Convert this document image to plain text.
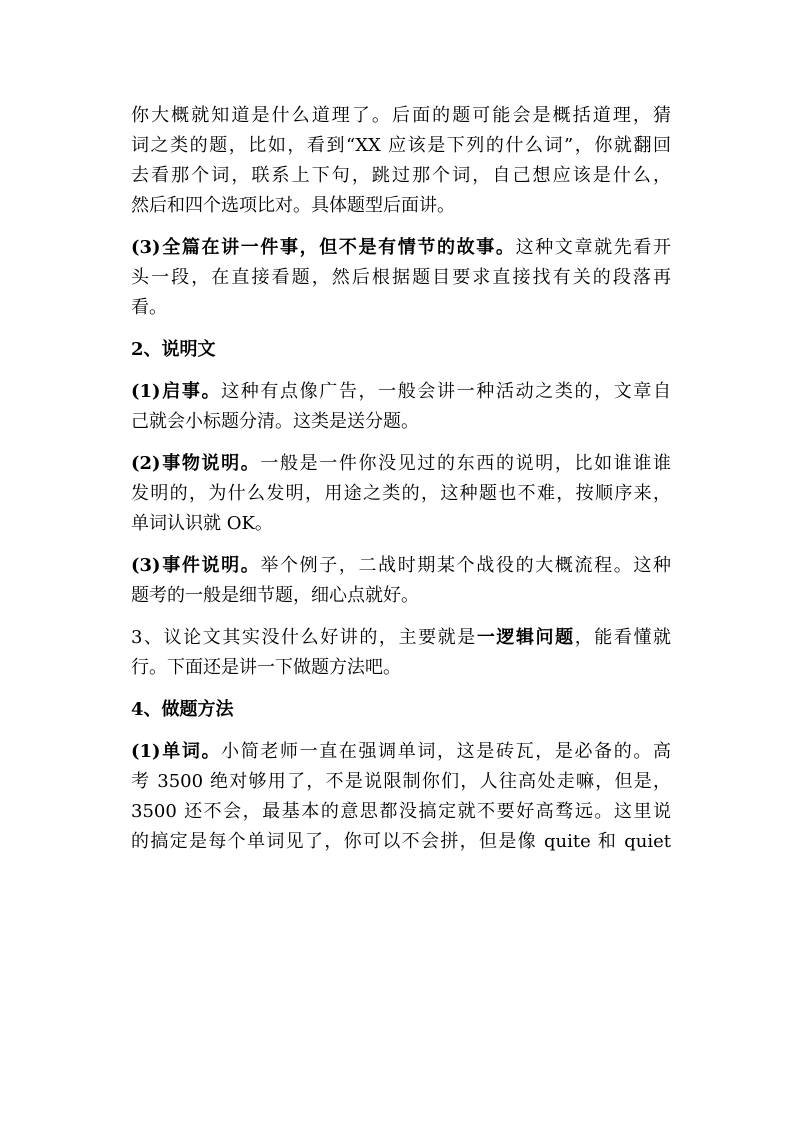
你大概就知道是什么道理了。后面的题可能会是概括道理，猜
词之类的题，比如，看到“XX 应该是下列的什么词”，你就翻回
去看那个词，联系上下句，跳过那个词，自己想应该是什么，
然后和四个选项比对。具体题型后面讲。
(3)全篇在讲一件事，但不是有情节的故事。这种文章就先看开
头一段，在直接看题，然后根据题目要求直接找有关的段落再
看。
2、说明文
(1)启事。这种有点像广告，一般会讲一种活动之类的，文章自
己就会小标题分清。这类是送分题。
(2)事物说明。一般是一件你没见过的东西的说明，比如谁谁谁
发明的，为什么发明，用途之类的，这种题也不难，按顺序来，
单词认识就 OK。
(3)事件说明。举个例子，二战时期某个战役的大概流程。这种
题考的一般是细节题，细心点就好。
3、议论文其实没什么好讲的，主要就是一逻辑问题，能看懂就
行。下面还是讲一下做题方法吧。
4、做题方法
(1)单词。小简老师一直在强调单词，这是砖瓦，是必备的。高
考 3500 绝对够用了，不是说限制你们，人往高处走嘛，但是，
3500 还不会，最基本的意思都没搞定就不要好高骛远。这里说
的搞定是每个单词见了，你可以不会拼，但是像 quite 和 quiet
